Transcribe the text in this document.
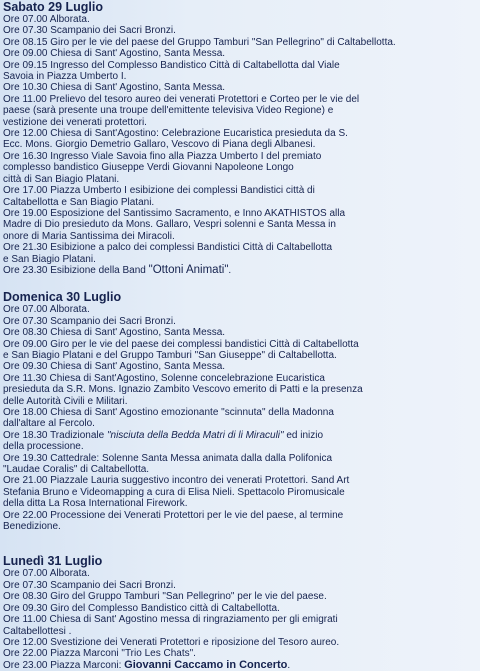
Sabato 29 Luglio

Ore 07.00 Alborata.

Ore 07.30 Scampanio dei Sacri Bronzi.

Ore 08.15 Giro per le vie del paese del Gruppo Tamburi "San Pellegrino" di Caltabellotta.

Ore 09.00 Chiesa di Sant' Agostino, Santa Messa.

Ore 09.15 Ingresso del Complesso Bandistico Città di Caltabellotta dal Viale

Savoia in Piazza Umberto I.

Ore 10.30 Chiesa di Sant' Agostino, Santa Messa.

Ore 11.00 Prelievo del tesoro aureo dei venerati Protettori e Corteo per le vie del

paese (sarà presente una troupe dell'emittente televisiva Video Regione) e

vestizione dei venerati protettori.

Ore 12.00 Chiesa di Sant'Agostino: Celebrazione Eucaristica presieduta da S.

Ecc. Mons. Giorgio Demetrio Gallaro, Vescovo di Piana degli Albanesi.

Ore 16.30 Ingresso Viale Savoia fino alla Piazza Umberto I del premiato

complesso bandistico Giuseppe Verdi Giovanni Napoleone Longo

città di San Biagio Platani.

Ore 17.00 Piazza Umberto I esibizione dei complessi Bandistici città di

Caltabellotta e San Biagio Platani.

Ore 19.00 Esposizione del Santissimo Sacramento, e Inno AKATHISTOS alla

Madre di Dio presieduto da Mons. Gallaro, Vespri solenni e Santa Messa in

onore di Maria Santissima dei Miracoli.

Ore 21.30 Esibizione a palco dei complessi Bandistici Città di Caltabellotta

e San Biagio Platani.

Ore 23.30 Esibizione della Band "Ottoni Animati".

Domenica 30 Luglio

Ore 07.00 Alborata.

Ore 07.30 Scampanio dei Sacri Bronzi.

Ore 08.30 Chiesa di Sant' Agostino, Santa Messa.

Ore 09.00 Giro per le vie del paese dei complessi bandistici Città di Caltabellotta

e San Biagio Platani e del Gruppo Tamburi "San Giuseppe" di Caltabellotta.

Ore 09.30 Chiesa di Sant' Agostino, Santa Messa.

Ore 11.30 Chiesa di Sant'Agostino, Solenne concelebrazione Eucaristica

presieduta da S.R. Mons. Ignazio Zambito Vescovo emerito di Patti e la presenza

delle Autorità Civili e Militari.

Ore 18.00 Chiesa di Sant' Agostino emozionante "scinnuta" della Madonna

dall'altare al Fercolo.

Ore 18.30 Tradizionale "nisciuta della Bedda Matri di li Miraculi" ed inizio

della processione.

Ore 19.30 Cattedrale: Solenne Santa Messa animata dalla dalla Polifonica

"Laudae Coralis" di Caltabellotta.

Ore 21.00 Piazzale Lauria suggestivo incontro dei venerati Protettori. Sand Art

Stefania Bruno e Videomapping a cura di Elisa Nieli. Spettacolo Piromusicale

della ditta La Rosa International Firework.

Ore 22.00 Processione dei Venerati Protettori per le vie del paese, al termine

Benedizione.

Lunedì 31 Luglio

Ore 07.00 Alborata.

Ore 07.30 Scampanio dei Sacri Bronzi.

Ore 08.30 Giro del Gruppo Tamburi "San Pellegrino" per le vie del paese.

Ore 09.30 Giro del Complesso Bandistico città di Caltabellotta.

Ore 11.00 Chiesa di Sant' Agostino messa di ringraziamento per gli emigrati

Caltabellottesi .

Ore 12.00 Svestizione dei Venerati Protettori e riposizione del Tesoro aureo.

Ore 22.00 Piazza Marconi "Trio Les Chats".

Ore 23.00 Piazza Marconi: Giovanni Caccamo in Concerto.
